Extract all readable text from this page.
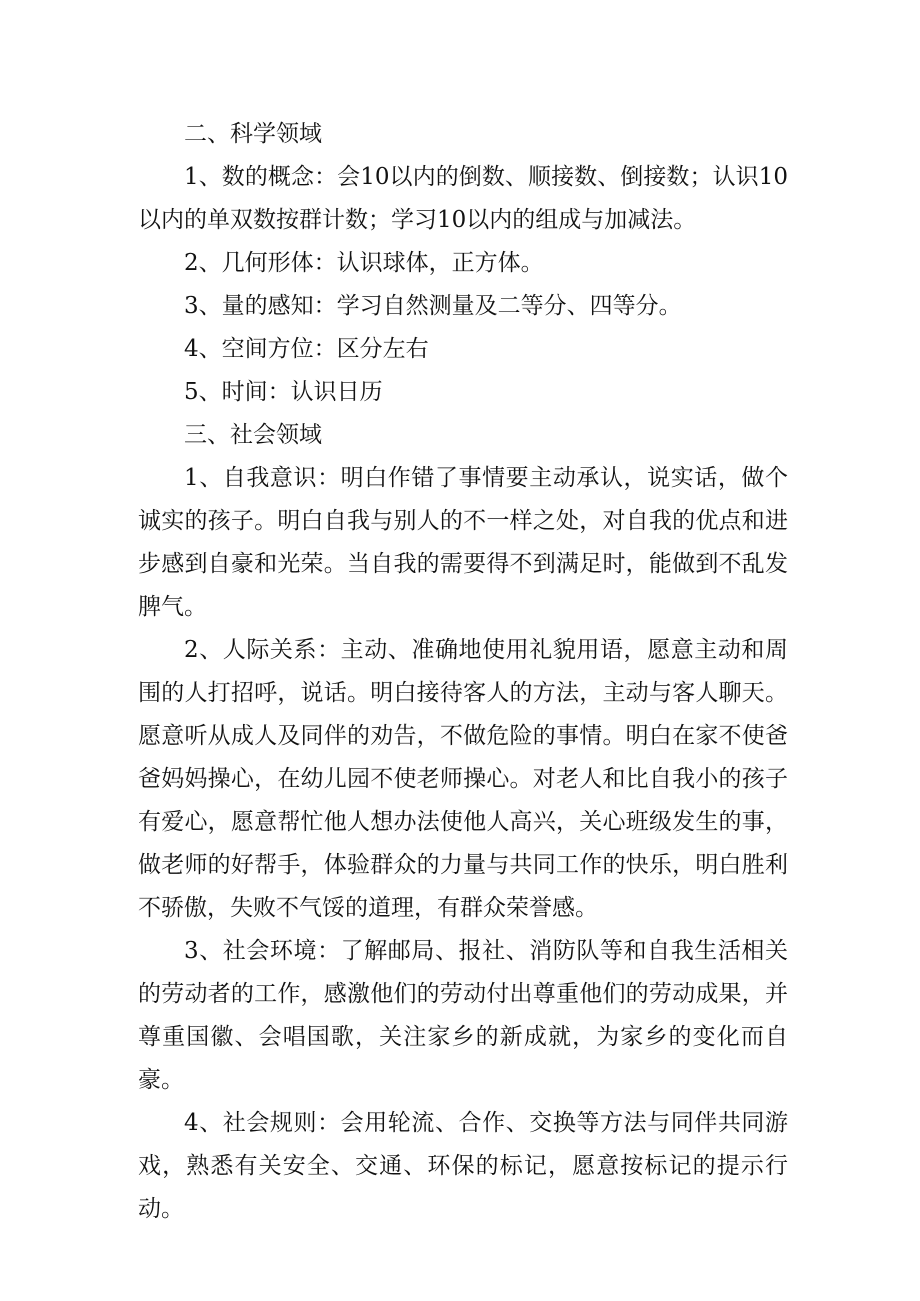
二、科学领域

1、数的概念：会10以内的倒数、顺接数、倒接数；认识10以内的单双数按群计数；学习10以内的组成与加减法。

2、几何形体：认识球体，正方体。

3、量的感知：学习自然测量及二等分、四等分。

4、空间方位：区分左右

5、时间：认识日历

三、社会领域

1、自我意识：明白作错了事情要主动承认，说实话，做个诚实的孩子。明白自我与别人的不一样之处，对自我的优点和进步感到自豪和光荣。当自我的需要得不到满足时，能做到不乱发脾气。

2、人际关系：主动、准确地使用礼貌用语，愿意主动和周围的人打招呼，说话。明白接待客人的方法，主动与客人聊天。愿意听从成人及同伴的劝告，不做危险的事情。明白在家不使爸爸妈妈操心，在幼儿园不使老师操心。对老人和比自我小的孩子有爱心，愿意帮忙他人想办法使他人高兴，关心班级发生的事，做老师的好帮手，体验群众的力量与共同工作的快乐，明白胜利不骄傲，失败不气馁的道理，有群众荣誉感。

3、社会环境：了解邮局、报社、消防队等和自我生活相关的劳动者的工作，感激他们的劳动付出尊重他们的劳动成果，并尊重国徽、会唱国歌，关注家乡的新成就，为家乡的变化而自豪。

4、社会规则：会用轮流、合作、交换等方法与同伴共同游戏，熟悉有关安全、交通、环保的标记，愿意按标记的提示行动。
